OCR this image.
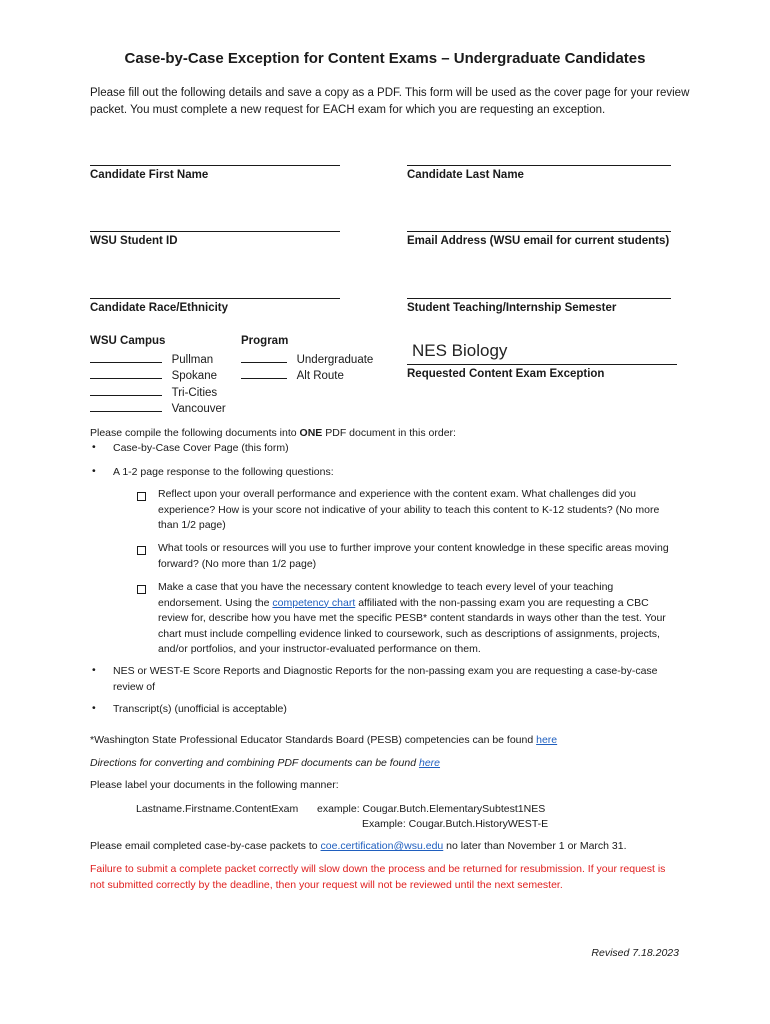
Case-by-Case Exception for Content Exams – Undergraduate Candidates
Please fill out the following details and save a copy as a PDF. This form will be used as the cover page for your review packet. You must complete a new request for EACH exam for which you are requesting an exception.
Candidate First Name	Candidate Last Name
WSU Student ID	Email Address (WSU email for current students)
Candidate Race/Ethnicity	Student Teaching/Internship Semester
WSU Campus
Pullman
Spokane
Tri-Cities
Vancouver
Program
Undergraduate
Alt Route
NES Biology
Requested Content Exam Exception
Please compile the following documents into ONE PDF document in this order:
• Case-by-Case Cover Page (this form)
• A 1-2 page response to the following questions:
Reflect upon your overall performance and experience with the content exam. What challenges did you experience? How is your score not indicative of your ability to teach this content to K-12 students? (No more than 1/2 page)
What tools or resources will you use to further improve your content knowledge in these specific areas moving forward? (No more than 1/2 page)
Make a case that you have the necessary content knowledge to teach every level of your teaching endorsement. Using the competency chart affiliated with the non-passing exam you are requesting a CBC review for, describe how you have met the specific PESB* content standards in ways other than the test. Your chart must include compelling evidence linked to coursework, such as descriptions of assignments, projects, and/or portfolios, and your instructor-evaluated performance on them.
• NES or WEST-E Score Reports and Diagnostic Reports for the non-passing exam you are requesting a case-by-case review of
• Transcript(s) (unofficial is acceptable)
*Washington State Professional Educator Standards Board (PESB) competencies can be found here
Directions for converting and combining PDF documents can be found here
Please label your documents in the following manner:
Lastname.Firstname.ContentExam example: Cougar.Butch.ElementarySubtest1NES
Example: Cougar.Butch.HistoryWEST-E
Please email completed case-by-case packets to coe.certification@wsu.edu no later than November 1 or March 31.
Failure to submit a complete packet correctly will slow down the process and be returned for resubmission. If your request is not submitted correctly by the deadline, then your request will not be reviewed until the next semester.
Revised 7.18.2023
